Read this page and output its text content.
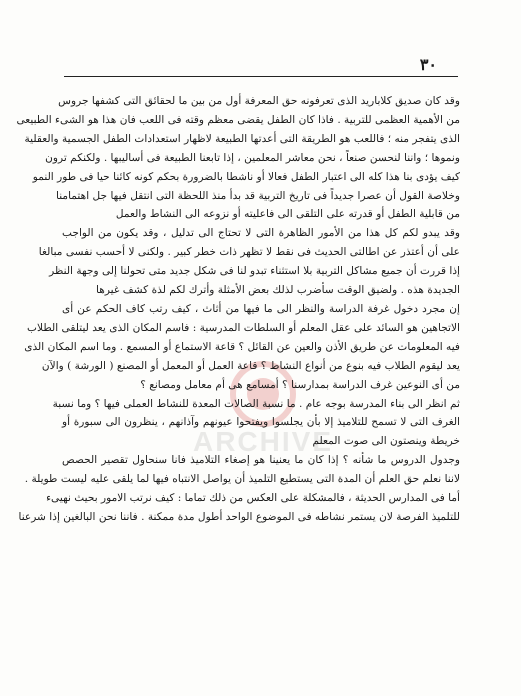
٣٠
ARCHIVE
وقد كان صديق كلاباريد الذى تعرفونه حق المعرفة أول من بين ما لحقائق التى كشفها جروس
من الأهمية العظمى للتربية . فاذا كان الطفل يقضى معظم وقته فى اللعب فان هذا هو الشىء الطبيعى
الذى يتفجر منه ؛ فاللعب هو الطريقة التى أعدتها الطبيعة لاظهار استعدادات الطفل الجسمية والعقلية
ونموها ؛ واننا لنحسن صنعاً ، نحن معاشر المعلمين ، إذا تابعنا الطبيعة فى أساليبها . ولكنكم ترون
كيف يؤدى بنا هذا كله الى اعتبار الطفل فعالا أو ناشطا بالضرورة بحكم كونه كائنا حيا فى طور النمو
وخلاصة القول أن عصرا جديداً فى تاريخ التربية قد بدأ منذ اللحظة التى انتقل فيها جل اهتمامنا
من قابلية الطفل أو قدرته على التلقى الى فاعليته أو نزوعه الى النشاط والعمل
وقد يبدو لكم كل هذا من الأمور الظاهرة التى لا تحتاج الى تدليل ، وقد يكون من الواجب
على أن أعتذر عن اطالتى الحديث فى نقط لا تظهر ذات خطر كبير . ولكنى لا أحسب نفسى مبالغا
إذا قررت أن جميع مشاكل التربية بلا استثناء تبدو لنا فى شكل جديد متى تحولنا إلى وجهة النظر
الجديدة هذه . ولضيق الوقت سأضرب لذلك بعض الأمثلة وأترك لكم لذة كشف غيرها
إن مجرد دخول غرفة الدراسة والنظر الى ما فيها من أثاث ، كيف رتب كاف الحكم عن أى
الاتجاهين هو السائد على عقل المعلم أو السلطات المدرسية : فاسم المكان الذى يعد ليتلقى الطلاب
فيه المعلومات عن طريق الأذن والعين عن القائل ؟ قاعة الاستماع أو المسمع . وما اسم المكان الذى
يعد ليقوم الطلاب فيه بنوع من أنواع النشاط ؟ قاعة العمل أو المعمل أو المصنع ( الورشة ) والآن
من أى النوعين غرف الدراسة بمدارسنا ؟ أمسامع هى أم معامل ومصانع ؟
ثم انظر الى بناء المدرسة بوجه عام . ما نسبة الصالات المعدة للنشاط العملى فيها ؟ وما نسبة
الغرف التى لا تسمح للتلاميذ إلا بأن يجلسوا ويفتحوا عيونهم وآذانهم ، ينظرون الى سبورة أو
خريطة وينصتون الى صوت المعلم
وجدول الدروس ما شأنه ؟ إذا كان ما يعنينا هو إصغاء التلاميذ فانا سنحاول تقصير الحصص
لاننا نعلم حق العلم أن المدة التى يستطيع التلميذ أن يواصل الانتباه فيها لما يلقى عليه ليست طويلة .
أما فى المدارس الحديثة ، فالمشكلة على العكس من ذلك تماما : كيف نرتب الامور بحيث نهيىء
للتلميذ الفرصة لان يستمر نشاطه فى الموضوع الواحد أطول مدة ممكنة . فاننا نحن البالغين إذا شرعنا
